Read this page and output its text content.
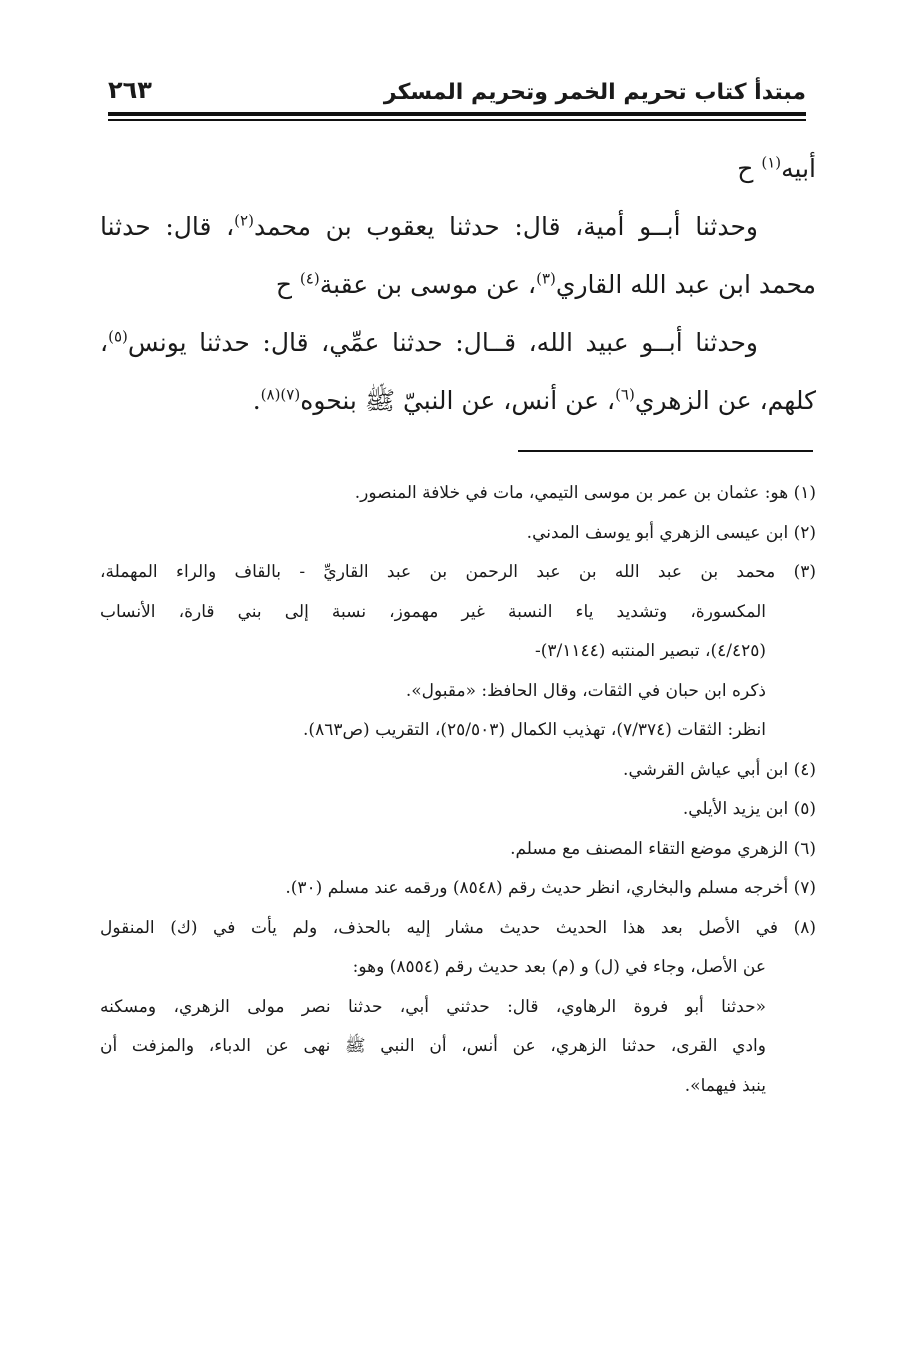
مبتدأ كتاب تحريم الخمر وتحريم المسكر
٢٦٣
أبيه$^{(١)}$ ح
وحدثنا أبــو أمية، قال: حدثنا يعقوب بن محمد$^{(٢)}$، قال: حدثنا
محمد ابن عبد الله القاري$^{(٣)}$، عن موسى بن عقبة$^{(٤)}$ ح
وحدثنا أبــو عبيد الله، قــال: حدثنا عمِّي، قال: حدثنا يونس$^{(٥)}$،
كلهم، عن الزهري$^{(٦)}$، عن أنس، عن النبيّ ﷺ بنحوه$^{(٧)(٨)}$.
(١) هو: عثمان بن عمر بن موسى التيمي، مات في خلافة المنصور.
(٢) ابن عيسى الزهري أبو يوسف المدني.
(٣) محمد بن عبد الله بن عبد الرحمن بن عبد القاريِّ - بالقاف والراء المهملة،
المكسورة، وتشديد ياء النسبة غير مهموز، نسبة إلى بني قارة، الأنساب
(٤/٤٢٥)، تبصير المنتبه (٣/١١٤٤)-
ذكره ابن حبان في الثقات، وقال الحافظ: «مقبول».
انظر: الثقات (٧/٣٧٤)، تهذيب الكمال (٢٥/٥٠٣)، التقريب (ص٨٦٣).
(٤) ابن أبي عياش القرشي.
(٥) ابن يزيد الأيلي.
(٦) الزهري موضع التقاء المصنف مع مسلم.
(٧) أخرجه مسلم والبخاري، انظر حديث رقم (٨٥٤٨) ورقمه عند مسلم (٣٠).
(٨) في الأصل بعد هذا الحديث حديث مشار إليه بالحذف، ولم يأت في (ك) المنقول
عن الأصل، وجاء في (ل) و (م) بعد حديث رقم (٨٥٥٤) وهو:
«حدثنا أبو فروة الرهاوي، قال: حدثني أبي، حدثنا نصر مولى الزهري، ومسكنه
وادي القرى، حدثنا الزهري، عن أنس، أن النبي ﷺ نهى عن الدباء، والمزفت أن
ينبذ فيهما».
